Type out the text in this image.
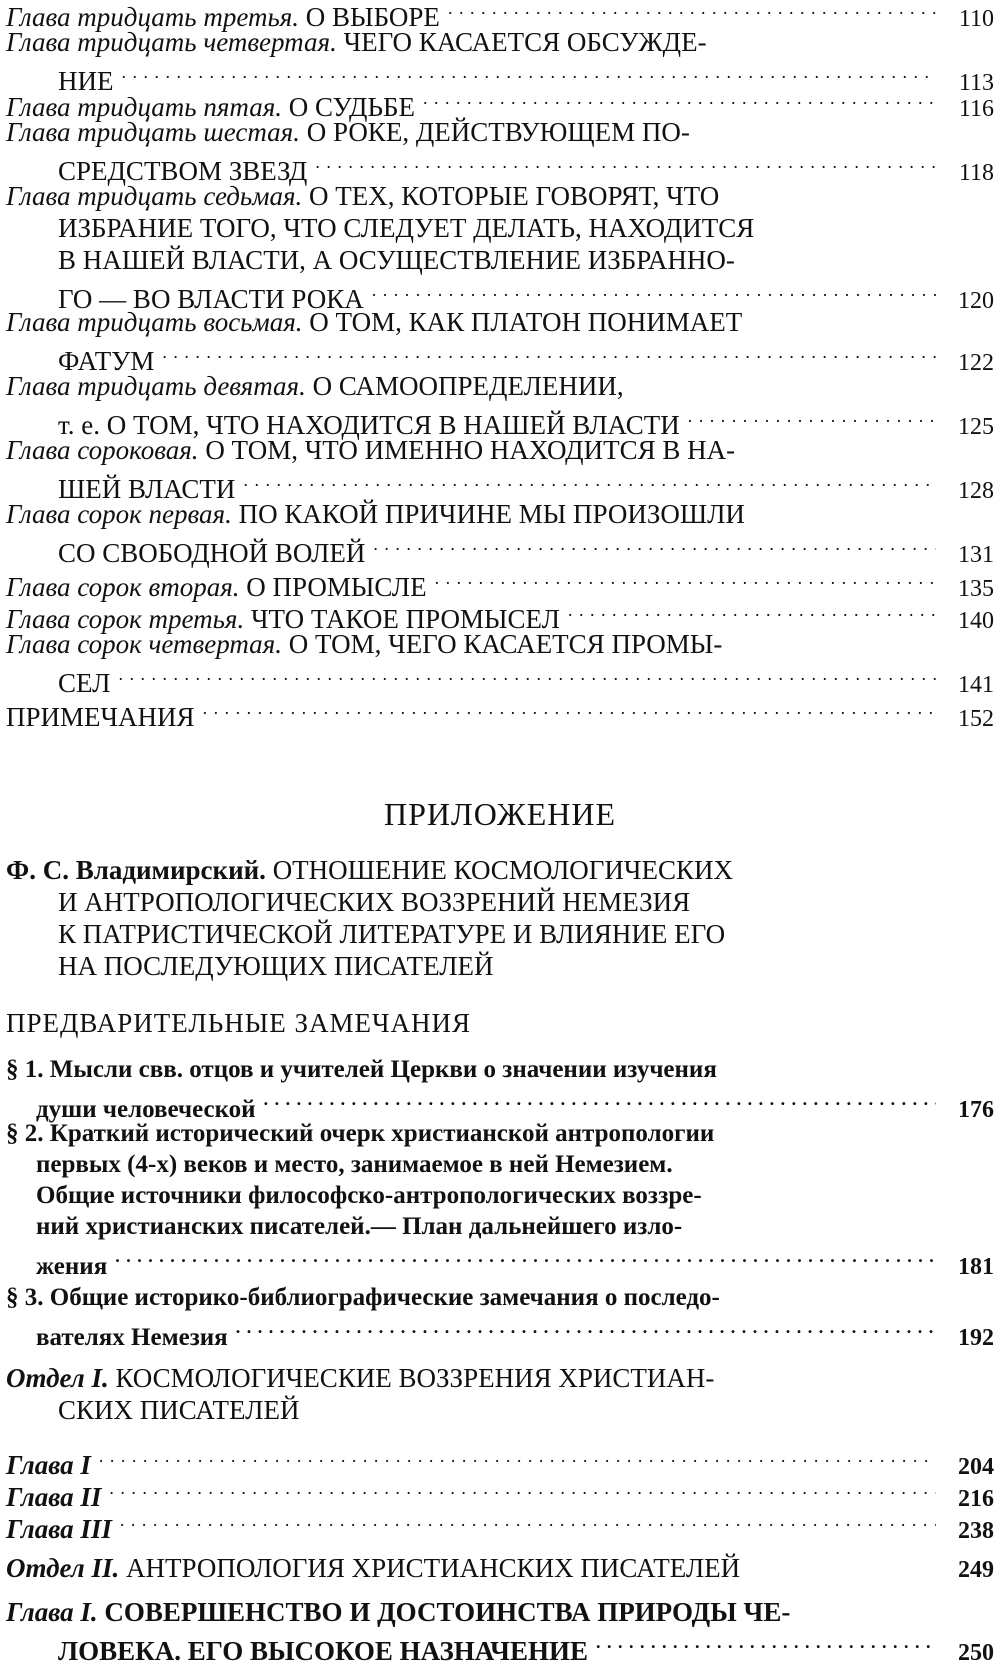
Глава тридцать третья. О ВЫБОРЕ . . .	110
Глава тридцать четвертая. ЧЕГО КАСАЕТСЯ ОБСУЖДЕ-
НИЕ . . .	113
Глава тридцать пятая. О СУДЬБЕ . . .	116
Глава тридцать шестая. О РОКЕ, ДЕЙСТВУЮЩЕМ ПО-
СРЕДСТВОМ ЗВЕЗД . . .	118
Глава тридцать седьмая. О ТЕХ, КОТОРЫЕ ГОВОРЯТ, ЧТО
ИЗБРАНИЕ ТОГО, ЧТО СЛЕДУЕТ ДЕЛАТЬ, НАХОДИТСЯ
В НАШЕЙ ВЛАСТИ, А ОСУЩЕСТВЛЕНИЕ ИЗБРАННО-
ГО — ВО ВЛАСТИ РОКА . . .	120
Глава тридцать восьмая. О ТОМ, КАК ПЛАТОН ПОНИМАЕТ
ФАТУМ . . .	122
Глава тридцать девятая. О САМООПРЕДЕЛЕНИИ,
т. е. О ТОМ, ЧТО НАХОДИТСЯ В НАШЕЙ ВЛАСТИ . . .	125
Глава сороковая. О ТОМ, ЧТО ИМЕННО НАХОДИТСЯ В НА-
ШЕЙ ВЛАСТИ . . .	128
Глава сорок первая. ПО КАКОЙ ПРИЧИНЕ МЫ ПРОИЗОШЛИ
СО СВОБОДНОЙ ВОЛЕЙ . . .	131
Глава сорок вторая. О ПРОМЫСЛЕ . . .	135
Глава сорок третья. ЧТО ТАКОЕ ПРОМЫСЕЛ . . .	140
Глава сорок четвертая. О ТОМ, ЧЕГО КАСАЕТСЯ ПРОМЫ-
СЕЛ . . .	141
ПРИМЕЧАНИЯ . . .	152
ПРИЛОЖЕНИЕ
Ф. С. Владимирский. ОТНОШЕНИЕ КОСМОЛОГИЧЕСКИХ
И АНТРОПОЛОГИЧЕСКИХ ВОЗЗРЕНИЙ НЕМЕЗИЯ
К ПАТРИСТИЧЕСКОЙ ЛИТЕРАТУРЕ И ВЛИЯНИЕ ЕГО
НА ПОСЛЕДУЮЩИХ ПИСАТЕЛЕЙ
ПРЕДВАРИТЕЛЬНЫЕ ЗАМЕЧАНИЯ
§ 1. Мысли свв. отцов и учителей Церкви о значении изучения
души человеческой . . .	176
§ 2. Краткий исторический очерк христианской антропологии
первых (4-х) веков и место, занимаемое в ней Немезием.
Общие источники философско-антропологических воззре-
ний христианских писателей.— План дальнейшего изло-
жения . . .	181
§ 3. Общие историко-библиографические замечания о последо-
вателях Немезия . . .	192
Отдел I. КОСМОЛОГИЧЕСКИЕ ВОЗЗРЕНИЯ ХРИСТИАН-
СКИХ ПИСАТЕЛЕЙ
Глава I . . .	204
Глава II . . .	216
Глава III . . .	238
Отдел II. АНТРОПОЛОГИЯ ХРИСТИАНСКИХ ПИСАТЕЛЕЙ	249
Глава I. СОВЕРШЕНСТВО И ДОСТОИНСТВА ПРИРОДЫ ЧЕ-
ЛОВЕКА. ЕГО ВЫСОКОЕ НАЗНАЧЕНИЕ . . .	250
